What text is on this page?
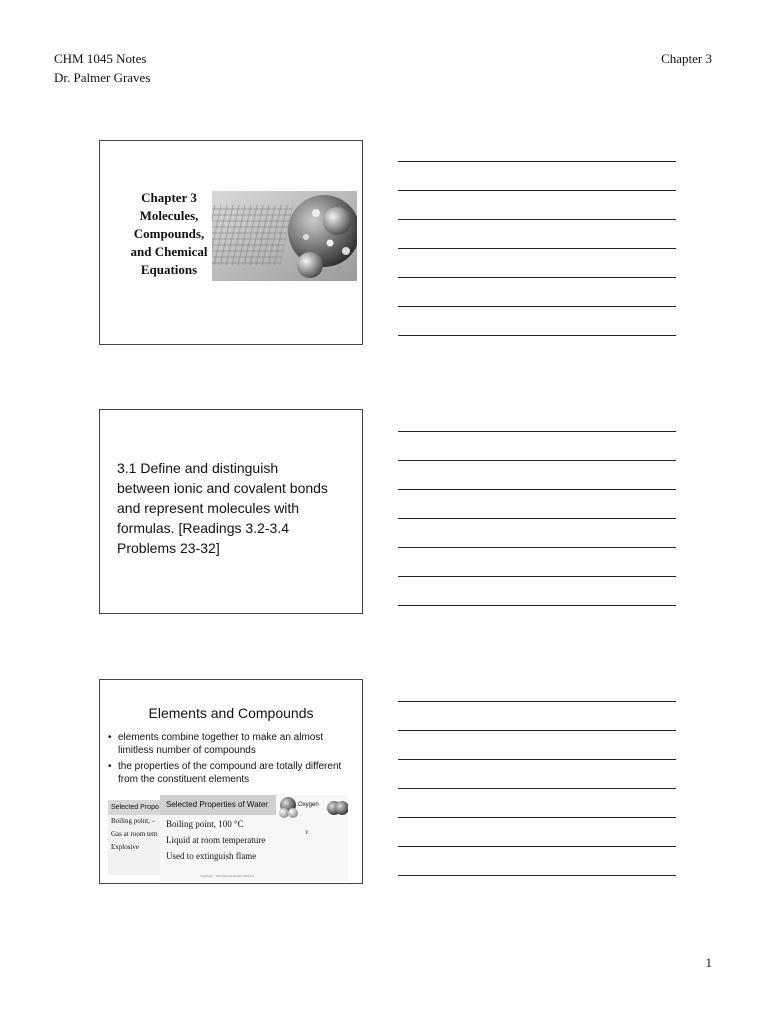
CHM 1045 Notes
Dr. Palmer Graves
Chapter 3
Chapter 3
Molecules,
Compounds,
and Chemical
Equations
3.1 Define and distinguish
between ionic and covalent bonds
and represent molecules with
formulas. [Readings 3.2-3.4
Problems 23-32]
Elements and Compounds
• elements combine together to make an almost limitless number of compounds
• the properties of the compound are totally different from the constituent elements
Selected Propo
Boiling point, –
Gas at room tem
Explosive
Selected Properties of Water	Oxygen
Boiling point, 100 °C
Liquid at room temperature
Used to extinguish flame
Y
Copyright © 2007 Pearson Prentice Hall, Inc.
1
